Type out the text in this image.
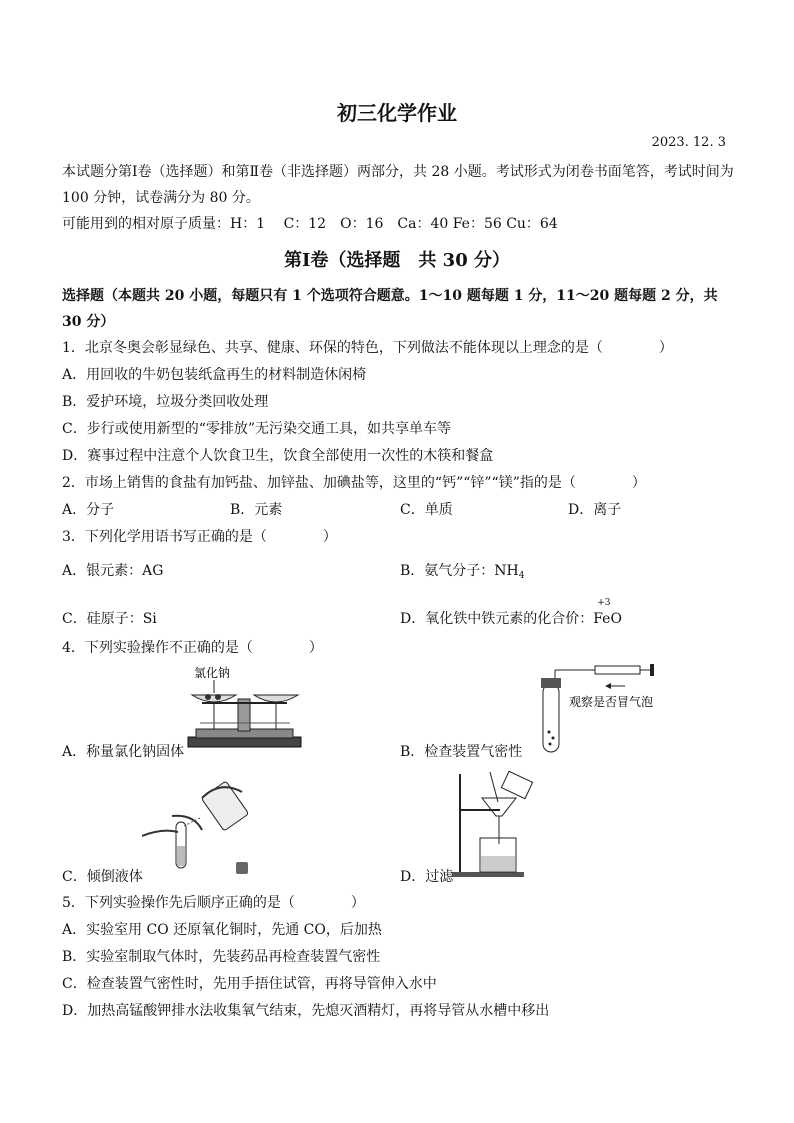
初三化学作业
2023. 12. 3
本试题分第Ⅰ卷（选择题）和第Ⅱ卷（非选择题）两部分，共 28 小题。考试形式为闭卷书面笔答，考试时间为 100 分钟，试卷满分为 80 分。
可能用到的相对原子质量：H：1　 C：12　O：16　Ca：40 Fe：56 Cu：64
第Ⅰ卷（选择题　共 30 分）
选择题（本题共 20 小题，每题只有 1 个选项符合题意。1～10 题每题 1 分，11～20 题每题 2 分，共 30 分）
1．北京冬奥会彰显绿色、共享、健康、环保的特色，下列做法不能体现以上理念的是（　　　　）
A．用回收的牛奶包装纸盒再生的材料制造休闲椅
B．爱护环境，垃圾分类回收处理
C．步行或使用新型的“零排放”无污染交通工具，如共享单车等
D．赛事过程中注意个人饮食卫生，饮食全部使用一次性的木筷和餐盒
2．市场上销售的食盐有加钙盐、加锌盐、加碘盐等，这里的“钙”“锌”“镁”指的是（　　　　）
A．分子	B．元素	C．单质	D．离子
3．下列化学用语书写正确的是（　　　　）
A．银元素：AG	B．氨气分子：$NH_4$
C．硅原子：Si	D．氧化铁中铁元素的化合价：
+3
FeO
4．下列实验操作不正确的是（　　　　）
氯化钠
A．称量氯化钠固体
观察是否冒气泡
B．检查装置气密性
C．倾倒液体	D．过滤
5．下列实验操作先后顺序正确的是（　　　　）
A．实验室用 CO 还原氧化铜时，先通 CO，后加热
B．实验室制取气体时，先装药品再检查装置气密性
C．检查装置气密性时，先用手捂住试管，再将导管伸入水中
D．加热高锰酸钾排水法收集氧气结束，先熄灭酒精灯，再将导管从水槽中移出
